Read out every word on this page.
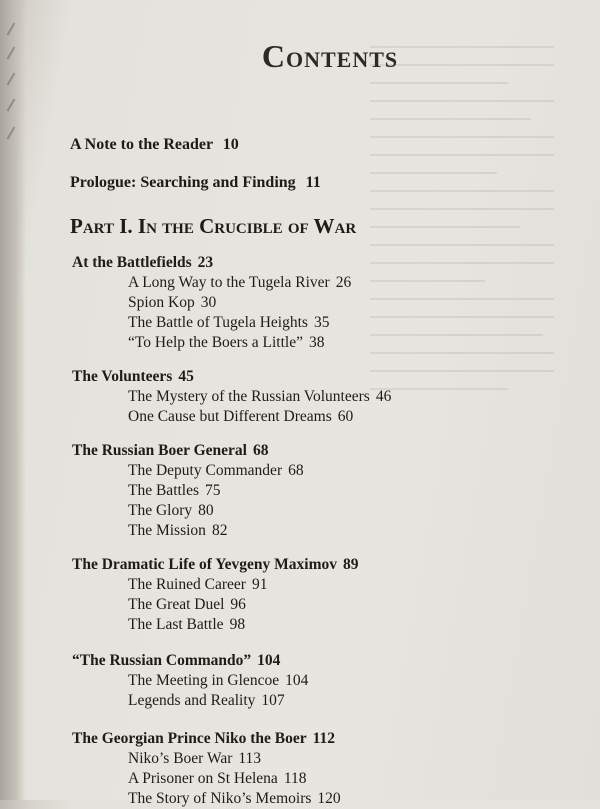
Contents
A Note to the Reader 10
Prologue: Searching and Finding 11
Part I. In the Crucible of War
At the Battlefields 23
A Long Way to the Tugela River 26
Spion Kop 30
The Battle of Tugela Heights 35
“To Help the Boers a Little” 38
The Volunteers 45
The Mystery of the Russian Volunteers 46
One Cause but Different Dreams 60
The Russian Boer General 68
The Deputy Commander 68
The Battles 75
The Glory 80
The Mission 82
The Dramatic Life of Yevgeny Maximov 89
The Ruined Career 91
The Great Duel 96
The Last Battle 98
“The Russian Commando” 104
The Meeting in Glencoe 104
Legends and Reality 107
The Georgian Prince Niko the Boer 112
Niko’s Boer War 113
A Prisoner on St Helena 118
The Story of Niko’s Memoirs 120
